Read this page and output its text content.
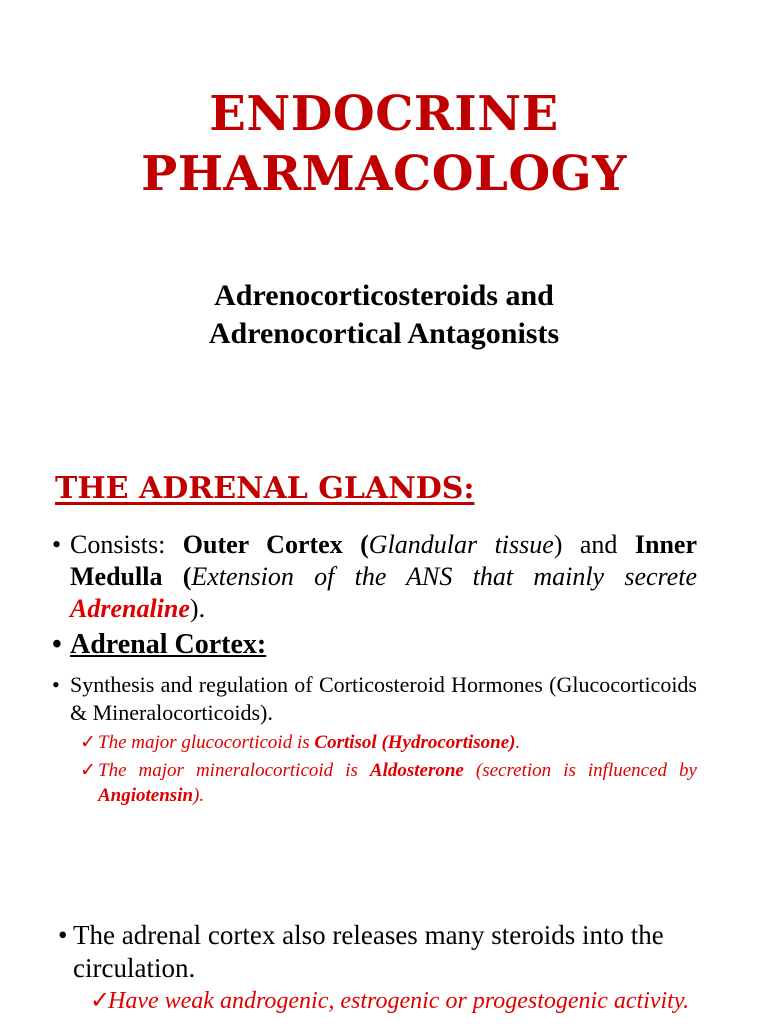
ENDOCRINE
PHARMACOLOGY
Adrenocorticosteroids and
Adrenocortical Antagonists
THE ADRENAL GLANDS:
• Consists: Outer Cortex (Glandular tissue) and Inner Medulla (Extension of the ANS that mainly secrete Adrenaline).
• Adrenal Cortex:
• Synthesis and regulation of Corticosteroid Hormones (Glucocorticoids & Mineralocorticoids).
✓ The major glucocorticoid is Cortisol (Hydrocortisone).
✓ The major mineralocorticoid is Aldosterone (secretion is influenced by Angiotensin).
• The adrenal cortex also releases many steroids into the circulation.
✓
Have weak androgenic, estrogenic or progestogenic activity.
